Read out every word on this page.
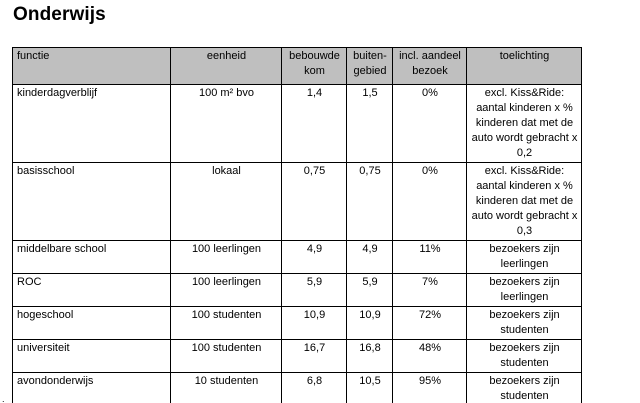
Onderwijs
functie	eenheid	bebouwde kom	buiten-gebied	incl. aandeel bezoek	toelichting
kinderdagverblijf	100 m² bvo	1,4	1,5	0%	excl. Kiss&Ride: aantal kinderen x % kinderen dat met de auto wordt gebracht x 0,2
basisschool	lokaal	0,75	0,75	0%	excl. Kiss&Ride: aantal kinderen x % kinderen dat met de auto wordt gebracht x 0,3
middelbare school	100 leerlingen	4,9	4,9	11%	bezoekers zijn leerlingen
ROC	100 leerlingen	5,9	5,9	7%	bezoekers zijn leerlingen
hogeschool	100 studenten	10,9	10,9	72%	bezoekers zijn studenten
universiteit	100 studenten	16,7	16,8	48%	bezoekers zijn studenten
avondonderwijs	10 studenten	6,8	10,5	95%	bezoekers zijn studenten
.
